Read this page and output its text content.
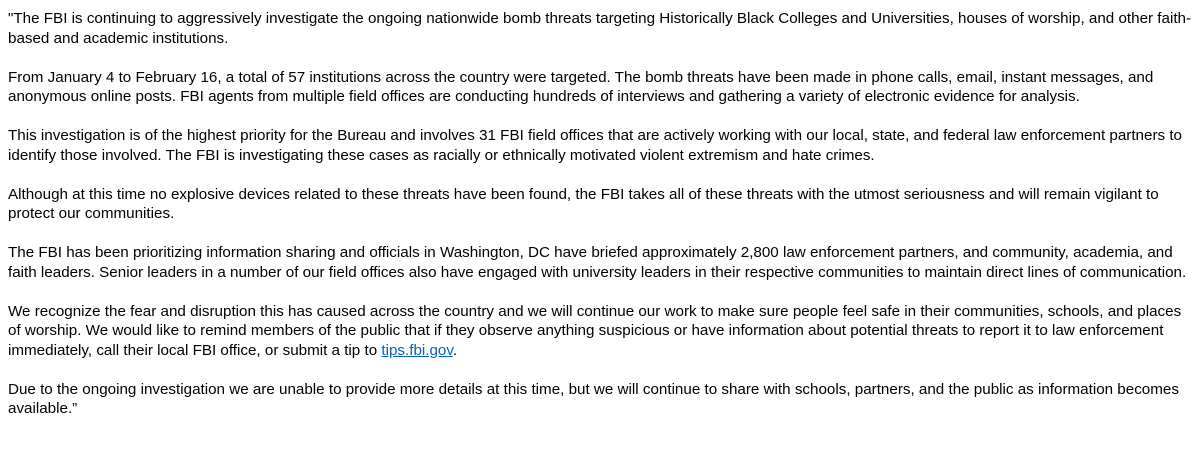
"The FBI is continuing to aggressively investigate the ongoing nationwide bomb threats targeting Historically Black Colleges and Universities, houses of worship, and other faith-based and academic institutions.

From January 4 to February 16, a total of 57 institutions across the country were targeted. The bomb threats have been made in phone calls, email, instant messages, and anonymous online posts. FBI agents from multiple field offices are conducting hundreds of interviews and gathering a variety of electronic evidence for analysis.

This investigation is of the highest priority for the Bureau and involves 31 FBI field offices that are actively working with our local, state, and federal law enforcement partners to identify those involved. The FBI is investigating these cases as racially or ethnically motivated violent extremism and hate crimes.

Although at this time no explosive devices related to these threats have been found, the FBI takes all of these threats with the utmost seriousness and will remain vigilant to protect our communities.

The FBI has been prioritizing information sharing and officials in Washington, DC have briefed approximately 2,800 law enforcement partners, and community, academia, and faith leaders. Senior leaders in a number of our field offices also have engaged with university leaders in their respective communities to maintain direct lines of communication.

We recognize the fear and disruption this has caused across the country and we will continue our work to make sure people feel safe in their communities, schools, and places of worship. We would like to remind members of the public that if they observe anything suspicious or have information about potential threats to report it to law enforcement immediately, call their local FBI office, or submit a tip to tips.fbi.gov.

Due to the ongoing investigation we are unable to provide more details at this time, but we will continue to share with schools, partners, and the public as information becomes available.”
